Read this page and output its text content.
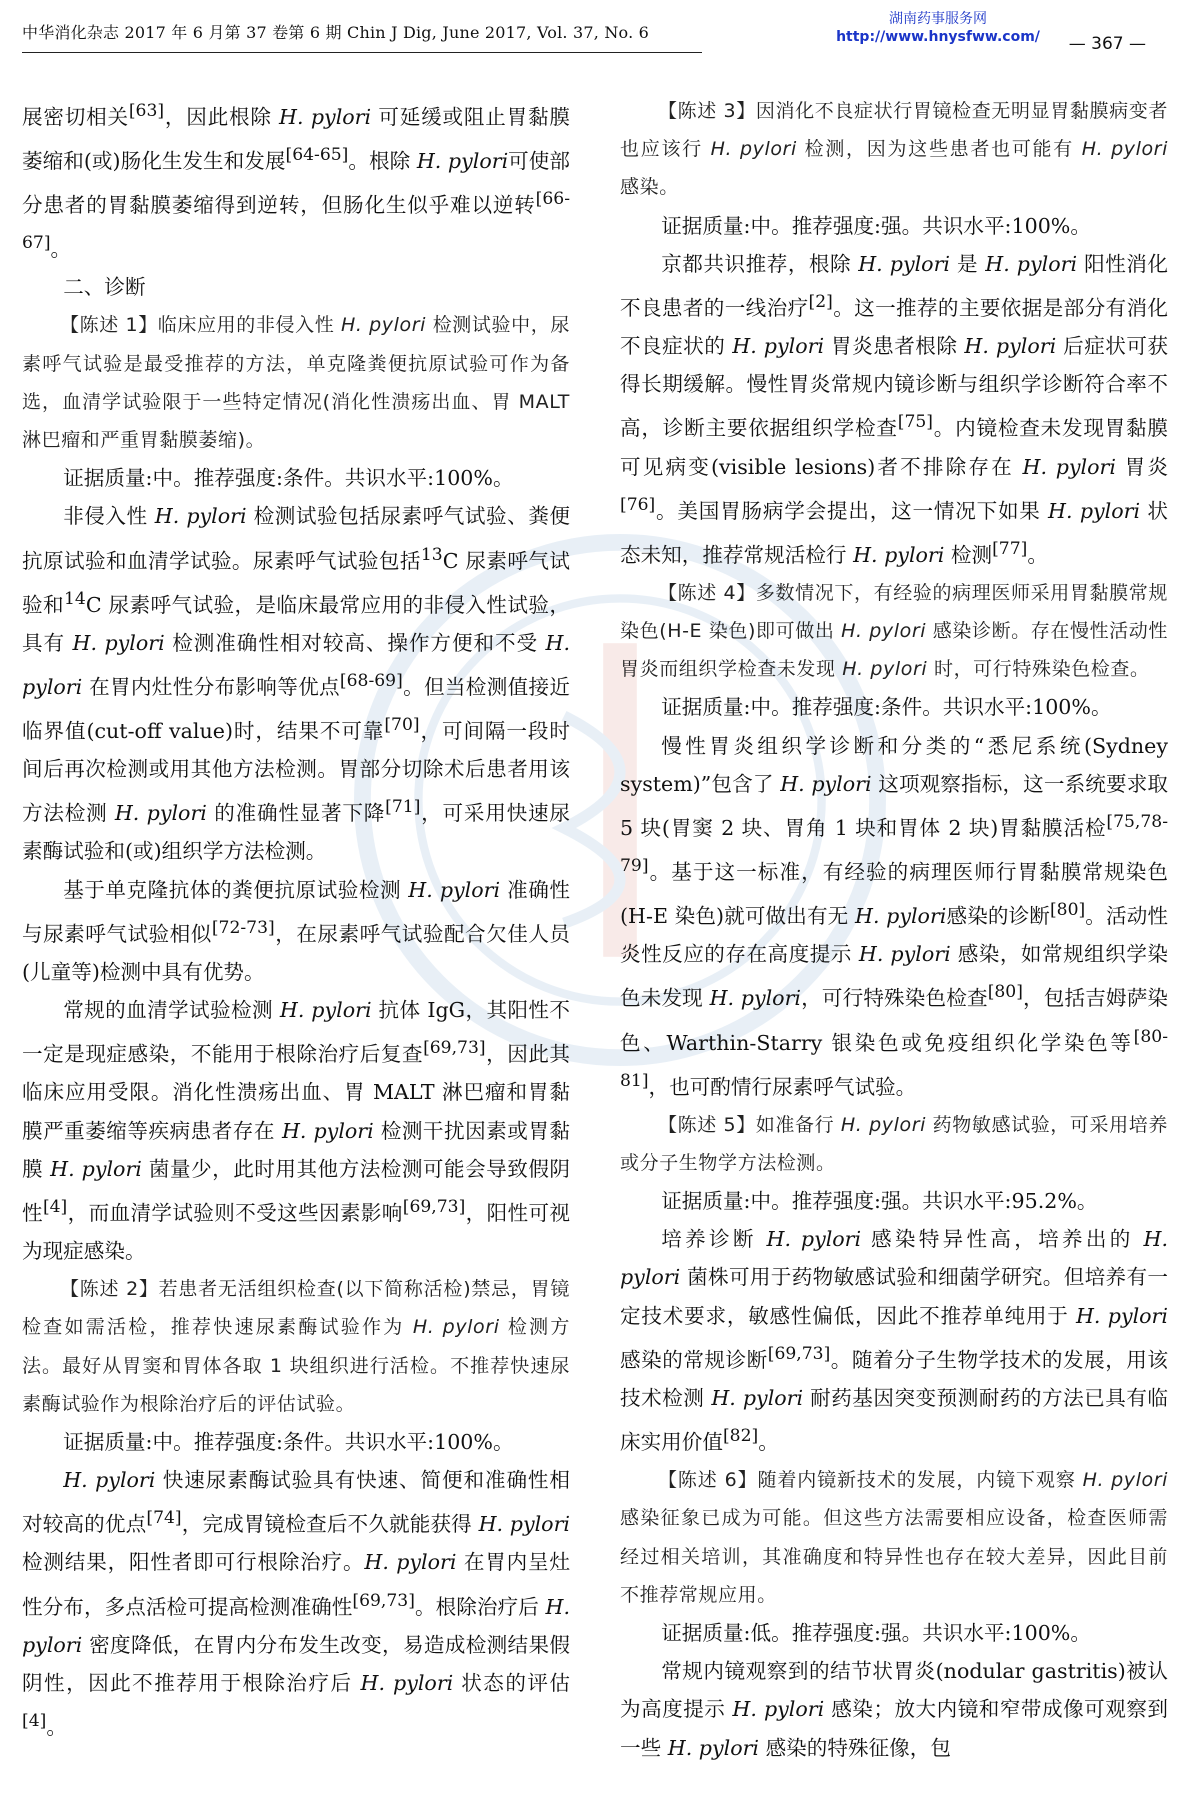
中华消化杂志 2017 年 6 月第 37 卷第 6 期 Chin J Dig, June 2017, Vol. 37, No. 6
— 367 —
湖南药事服务网
http://www.hnysfww.com/

展密切相关[63]，因此根除 H. pylori 可延缓或阻止胃黏膜萎缩和(或)肠化生发生和发展[64-65]。根除 H. pylori可使部分患者的胃黏膜萎缩得到逆转，但肠化生似乎难以逆转[66-67]。

二、诊断

【陈述 1】临床应用的非侵入性 H. pylori 检测试验中，尿素呼气试验是最受推荐的方法，单克隆粪便抗原试验可作为备选，血清学试验限于一些特定情况(消化性溃疡出血、胃 MALT 淋巴瘤和严重胃黏膜萎缩)。

证据质量:中。推荐强度:条件。共识水平:100%。

非侵入性 H. pylori 检测试验包括尿素呼气试验、粪便抗原试验和血清学试验。尿素呼气试验包括$^{13}$C 尿素呼气试验和$^{14}$C 尿素呼气试验，是临床最常应用的非侵入性试验，具有 H. pylori 检测准确性相对较高、操作方便和不受 H. pylori 在胃内灶性分布影响等优点[68-69]。但当检测值接近临界值(cut-off value)时，结果不可靠[70]，可间隔一段时间后再次检测或用其他方法检测。胃部分切除术后患者用该方法检测 H. pylori 的准确性显著下降[71]，可采用快速尿素酶试验和(或)组织学方法检测。

基于单克隆抗体的粪便抗原试验检测 H. pylori 准确性与尿素呼气试验相似[72-73]，在尿素呼气试验配合欠佳人员(儿童等)检测中具有优势。

常规的血清学试验检测 H. pylori 抗体 IgG，其阳性不一定是现症感染，不能用于根除治疗后复查[69,73]，因此其临床应用受限。消化性溃疡出血、胃 MALT 淋巴瘤和胃黏膜严重萎缩等疾病患者存在 H. pylori 检测干扰因素或胃黏膜 H. pylori 菌量少，此时用其他方法检测可能会导致假阴性[4]，而血清学试验则不受这些因素影响[69,73]，阳性可视为现症感染。

【陈述 2】若患者无活组织检查(以下简称活检)禁忌，胃镜检查如需活检，推荐快速尿素酶试验作为 H. pylori 检测方法。最好从胃窦和胃体各取 1 块组织进行活检。不推荐快速尿素酶试验作为根除治疗后的评估试验。

证据质量:中。推荐强度:条件。共识水平:100%。

H. pylori 快速尿素酶试验具有快速、简便和准确性相对较高的优点[74]，完成胃镜检查后不久就能获得 H. pylori 检测结果，阳性者即可行根除治疗。H. pylori 在胃内呈灶性分布，多点活检可提高检测准确性[69,73]。根除治疗后 H. pylori 密度降低，在胃内分布发生改变，易造成检测结果假阴性，因此不推荐用于根除治疗后 H. pylori 状态的评估[4]。

【陈述 3】因消化不良症状行胃镜检查无明显胃黏膜病变者也应该行 H. pylori 检测，因为这些患者也可能有 H. pylori 感染。

证据质量:中。推荐强度:强。共识水平:100%。

京都共识推荐，根除 H. pylori 是 H. pylori 阳性消化不良患者的一线治疗[2]。这一推荐的主要依据是部分有消化不良症状的 H. pylori 胃炎患者根除 H. pylori 后症状可获得长期缓解。慢性胃炎常规内镜诊断与组织学诊断符合率不高，诊断主要依据组织学检查[75]。内镜检查未发现胃黏膜可见病变(visible lesions)者不排除存在 H. pylori 胃炎[76]。美国胃肠病学会提出，这一情况下如果 H. pylori 状态未知，推荐常规活检行 H. pylori 检测[77]。

【陈述 4】多数情况下，有经验的病理医师采用胃黏膜常规染色(H-E 染色)即可做出 H. pylori 感染诊断。存在慢性活动性胃炎而组织学检查未发现 H. pylori 时，可行特殊染色检查。

证据质量:中。推荐强度:条件。共识水平:100%。

慢性胃炎组织学诊断和分类的“悉尼系统(Sydney system)”包含了 H. pylori 这项观察指标，这一系统要求取 5 块(胃窦 2 块、胃角 1 块和胃体 2 块)胃黏膜活检[75,78-79]。基于这一标准，有经验的病理医师行胃黏膜常规染色(H-E 染色)就可做出有无 H. pylori感染的诊断[80]。活动性炎性反应的存在高度提示 H. pylori 感染，如常规组织学染色未发现 H. pylori，可行特殊染色检查[80]，包括吉姆萨染色、Warthin-Starry 银染色或免疫组织化学染色等[80-81]，也可酌情行尿素呼气试验。

【陈述 5】如准备行 H. pylori 药物敏感试验，可采用培养或分子生物学方法检测。

证据质量:中。推荐强度:强。共识水平:95.2%。

培养诊断 H. pylori 感染特异性高，培养出的 H. pylori 菌株可用于药物敏感试验和细菌学研究。但培养有一定技术要求，敏感性偏低，因此不推荐单纯用于 H. pylori 感染的常规诊断[69,73]。随着分子生物学技术的发展，用该技术检测 H. pylori 耐药基因突变预测耐药的方法已具有临床实用价值[82]。

【陈述 6】随着内镜新技术的发展，内镜下观察 H. pylori 感染征象已成为可能。但这些方法需要相应设备，检查医师需经过相关培训，其准确度和特异性也存在较大差异，因此目前不推荐常规应用。

证据质量:低。推荐强度:强。共识水平:100%。

常规内镜观察到的结节状胃炎(nodular gastritis)被认为高度提示 H. pylori 感染；放大内镜和窄带成像可观察到一些 H. pylori 感染的特殊征像，包
